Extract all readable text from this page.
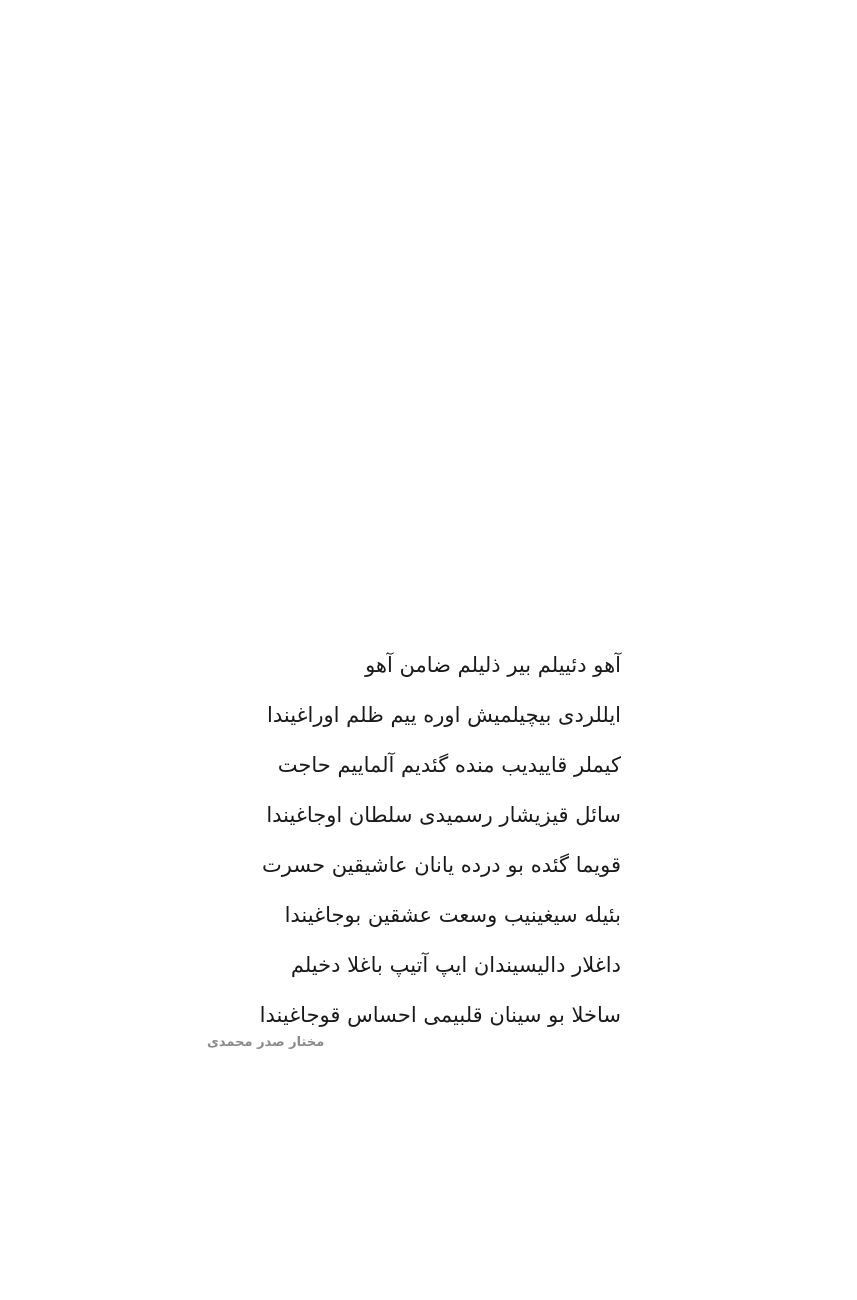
آهو دئییلم بیر ذلیلم ضامن آهو
ایللردی بیچیلمیش اوره ییم ظلم اوراغیندا
کیملر قاییدیب منده گئدیم آلماییم حاجت
سائل قیزیشار رسمیدی سلطان اوجاغیندا
قویما گئده بو درده یانان عاشیقین حسرت
بئیله سیغینیب وسعت عشقین بوجاغیندا
داغلار دالیسیندان ایپ آتیپ باغلا دخیلم
ساخلا بو سینان قلبیمی احساس قوجاغیندا
مختار صدر محمدی
